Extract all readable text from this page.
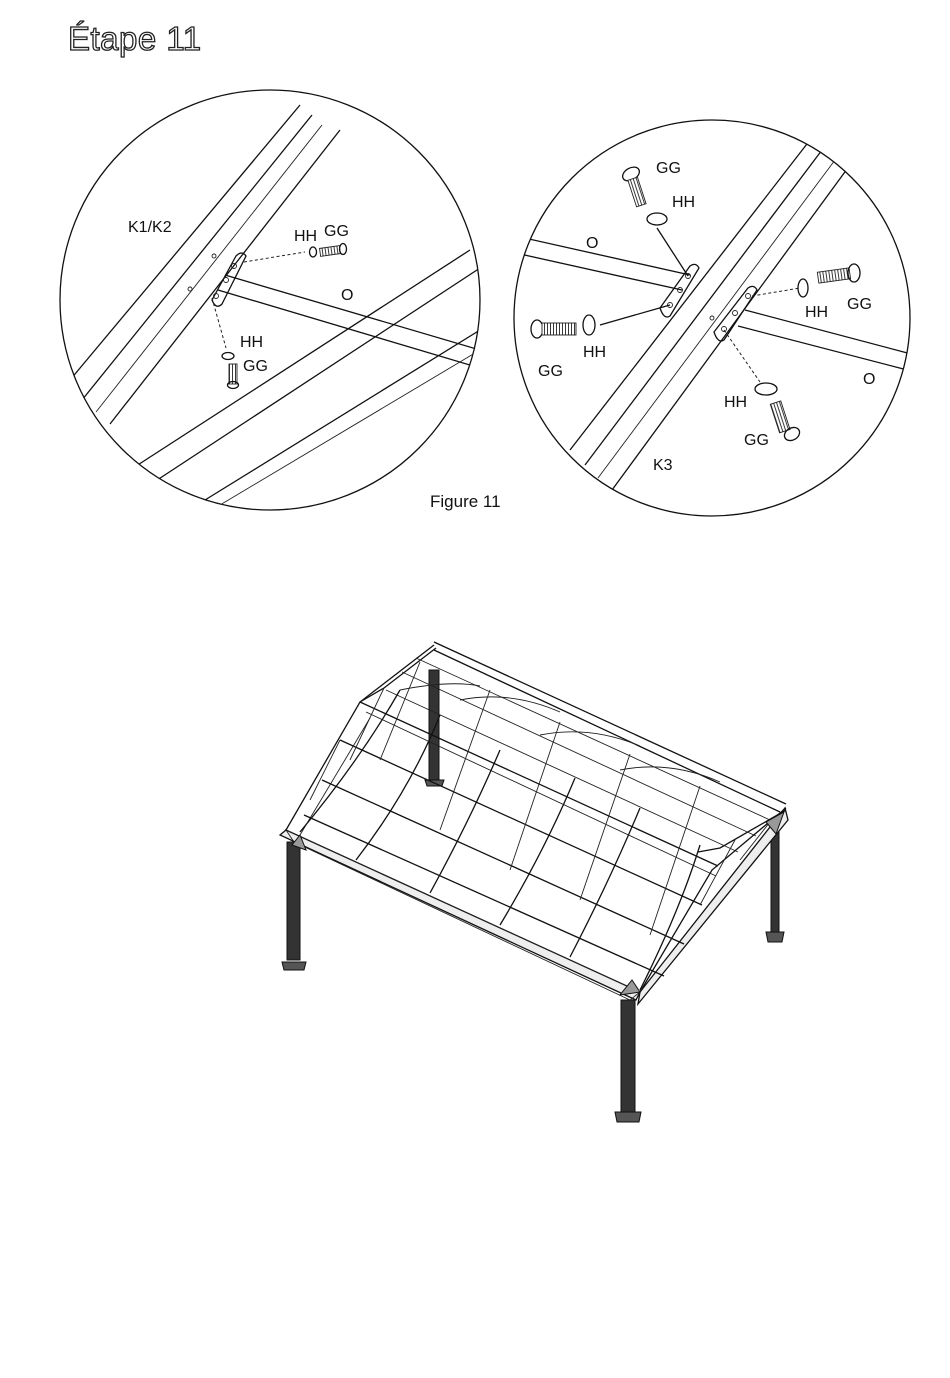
Étape 11
K1/K2
O
HH GG
HH
GG
GG
HH
O
GG
HH
HH GG
O
HH
GG
K3
Figure 11
